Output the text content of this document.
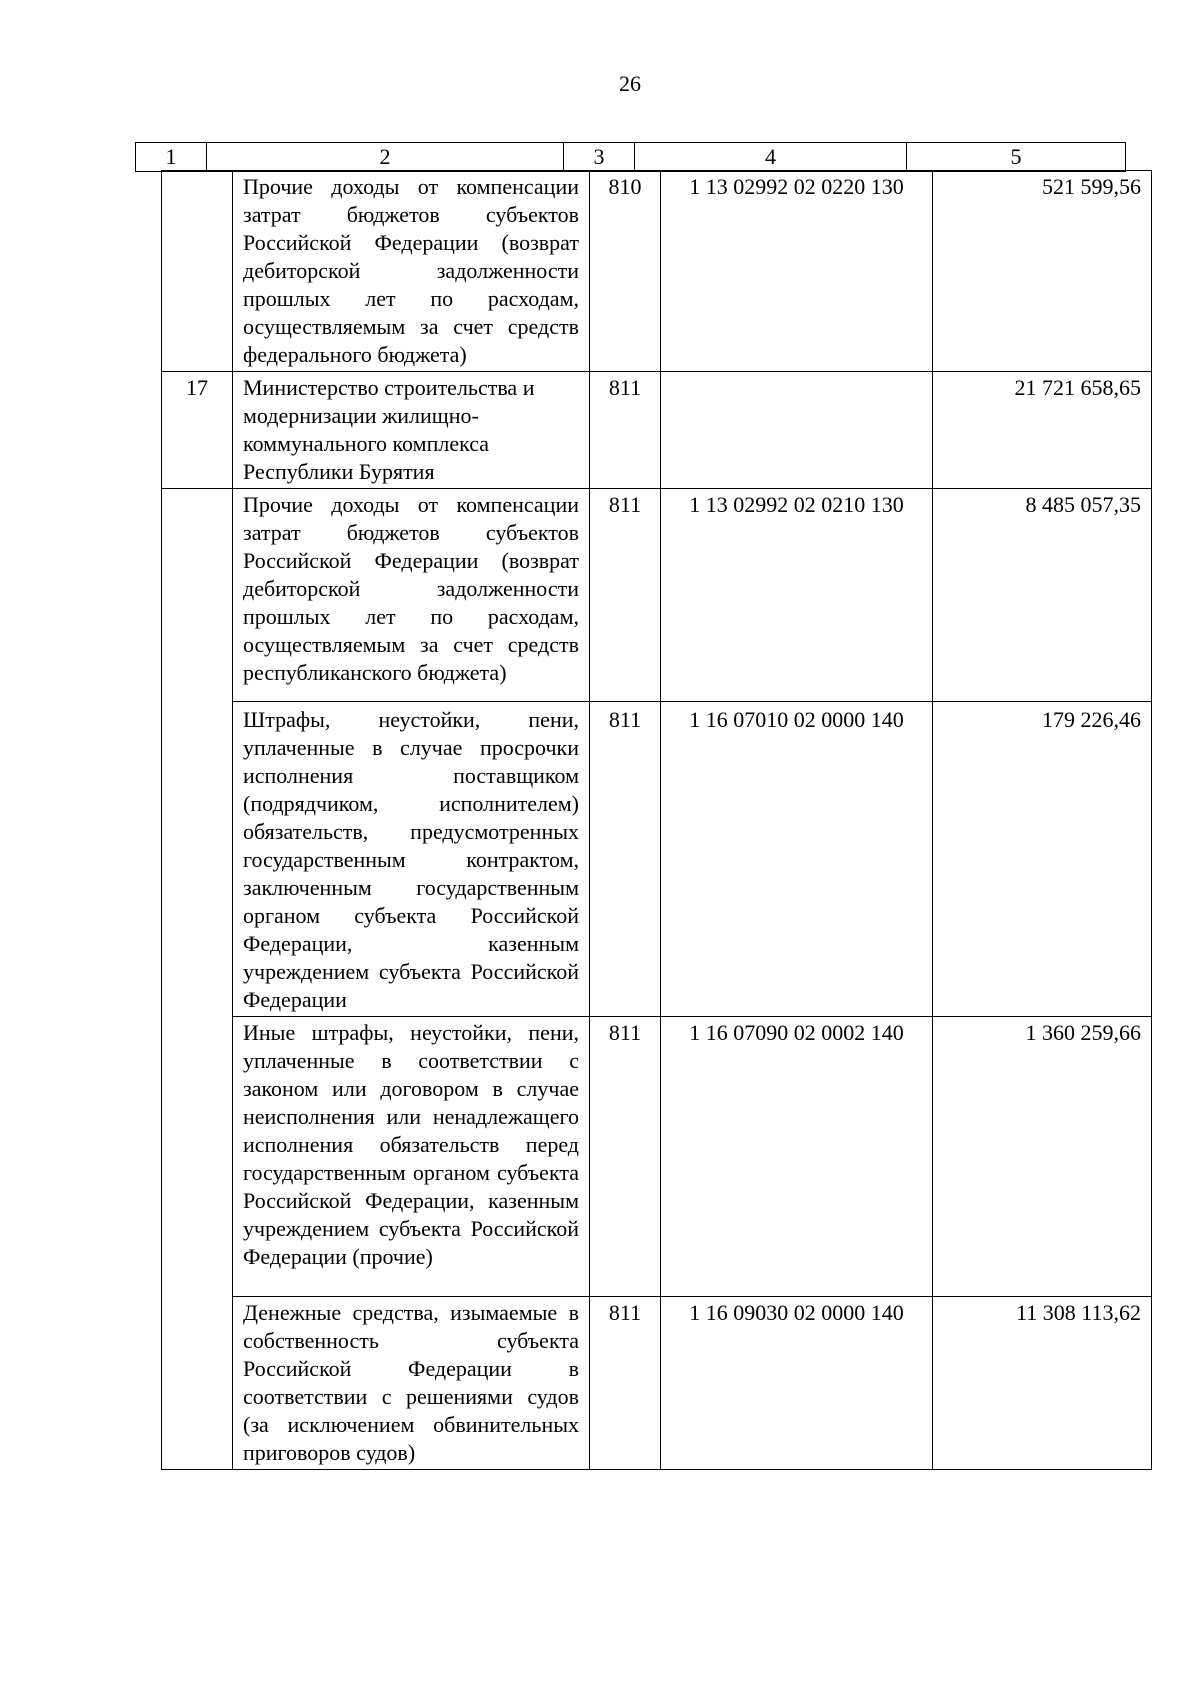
26
1	2	3	4	5
	Прочие доходы от компенсации затрат бюджетов субъектов Российской Федерации (возврат дебиторской задолженности прошлых лет по расходам, осуществляемым за счет средств федерального бюджета)	810	1 13 02992 02 0220 130	521 599,56
17	Министерство строительства и модернизации жилищно-коммунального комплекса Республики Бурятия	811		21 721 658,65
	Прочие доходы от компенсации затрат бюджетов субъектов Российской Федерации (возврат дебиторской задолженности прошлых лет по расходам, осуществляемым за счет средств республиканского бюджета)	811	1 13 02992 02 0210 130	8 485 057,35
	Штрафы, неустойки, пени, уплаченные в случае просрочки исполнения поставщиком (подрядчиком, исполнителем) обязательств, предусмотренных государственным контрактом, заключенным государственным органом субъекта Российской Федерации, казенным учреждением субъекта Российской Федерации	811	1 16 07010 02 0000 140	179 226,46
	Иные штрафы, неустойки, пени, уплаченные в соответствии с законом или договором в случае неисполнения или ненадлежащего исполнения обязательств перед государственным органом субъекта Российской Федерации, казенным учреждением субъекта Российской Федерации (прочие)	811	1 16 07090 02 0002 140	1 360 259,66
	Денежные средства, изымаемые в собственность субъекта Российской Федерации в соответствии с решениями судов (за исключением обвинительных приговоров судов)	811	1 16 09030 02 0000 140	11 308 113,62
